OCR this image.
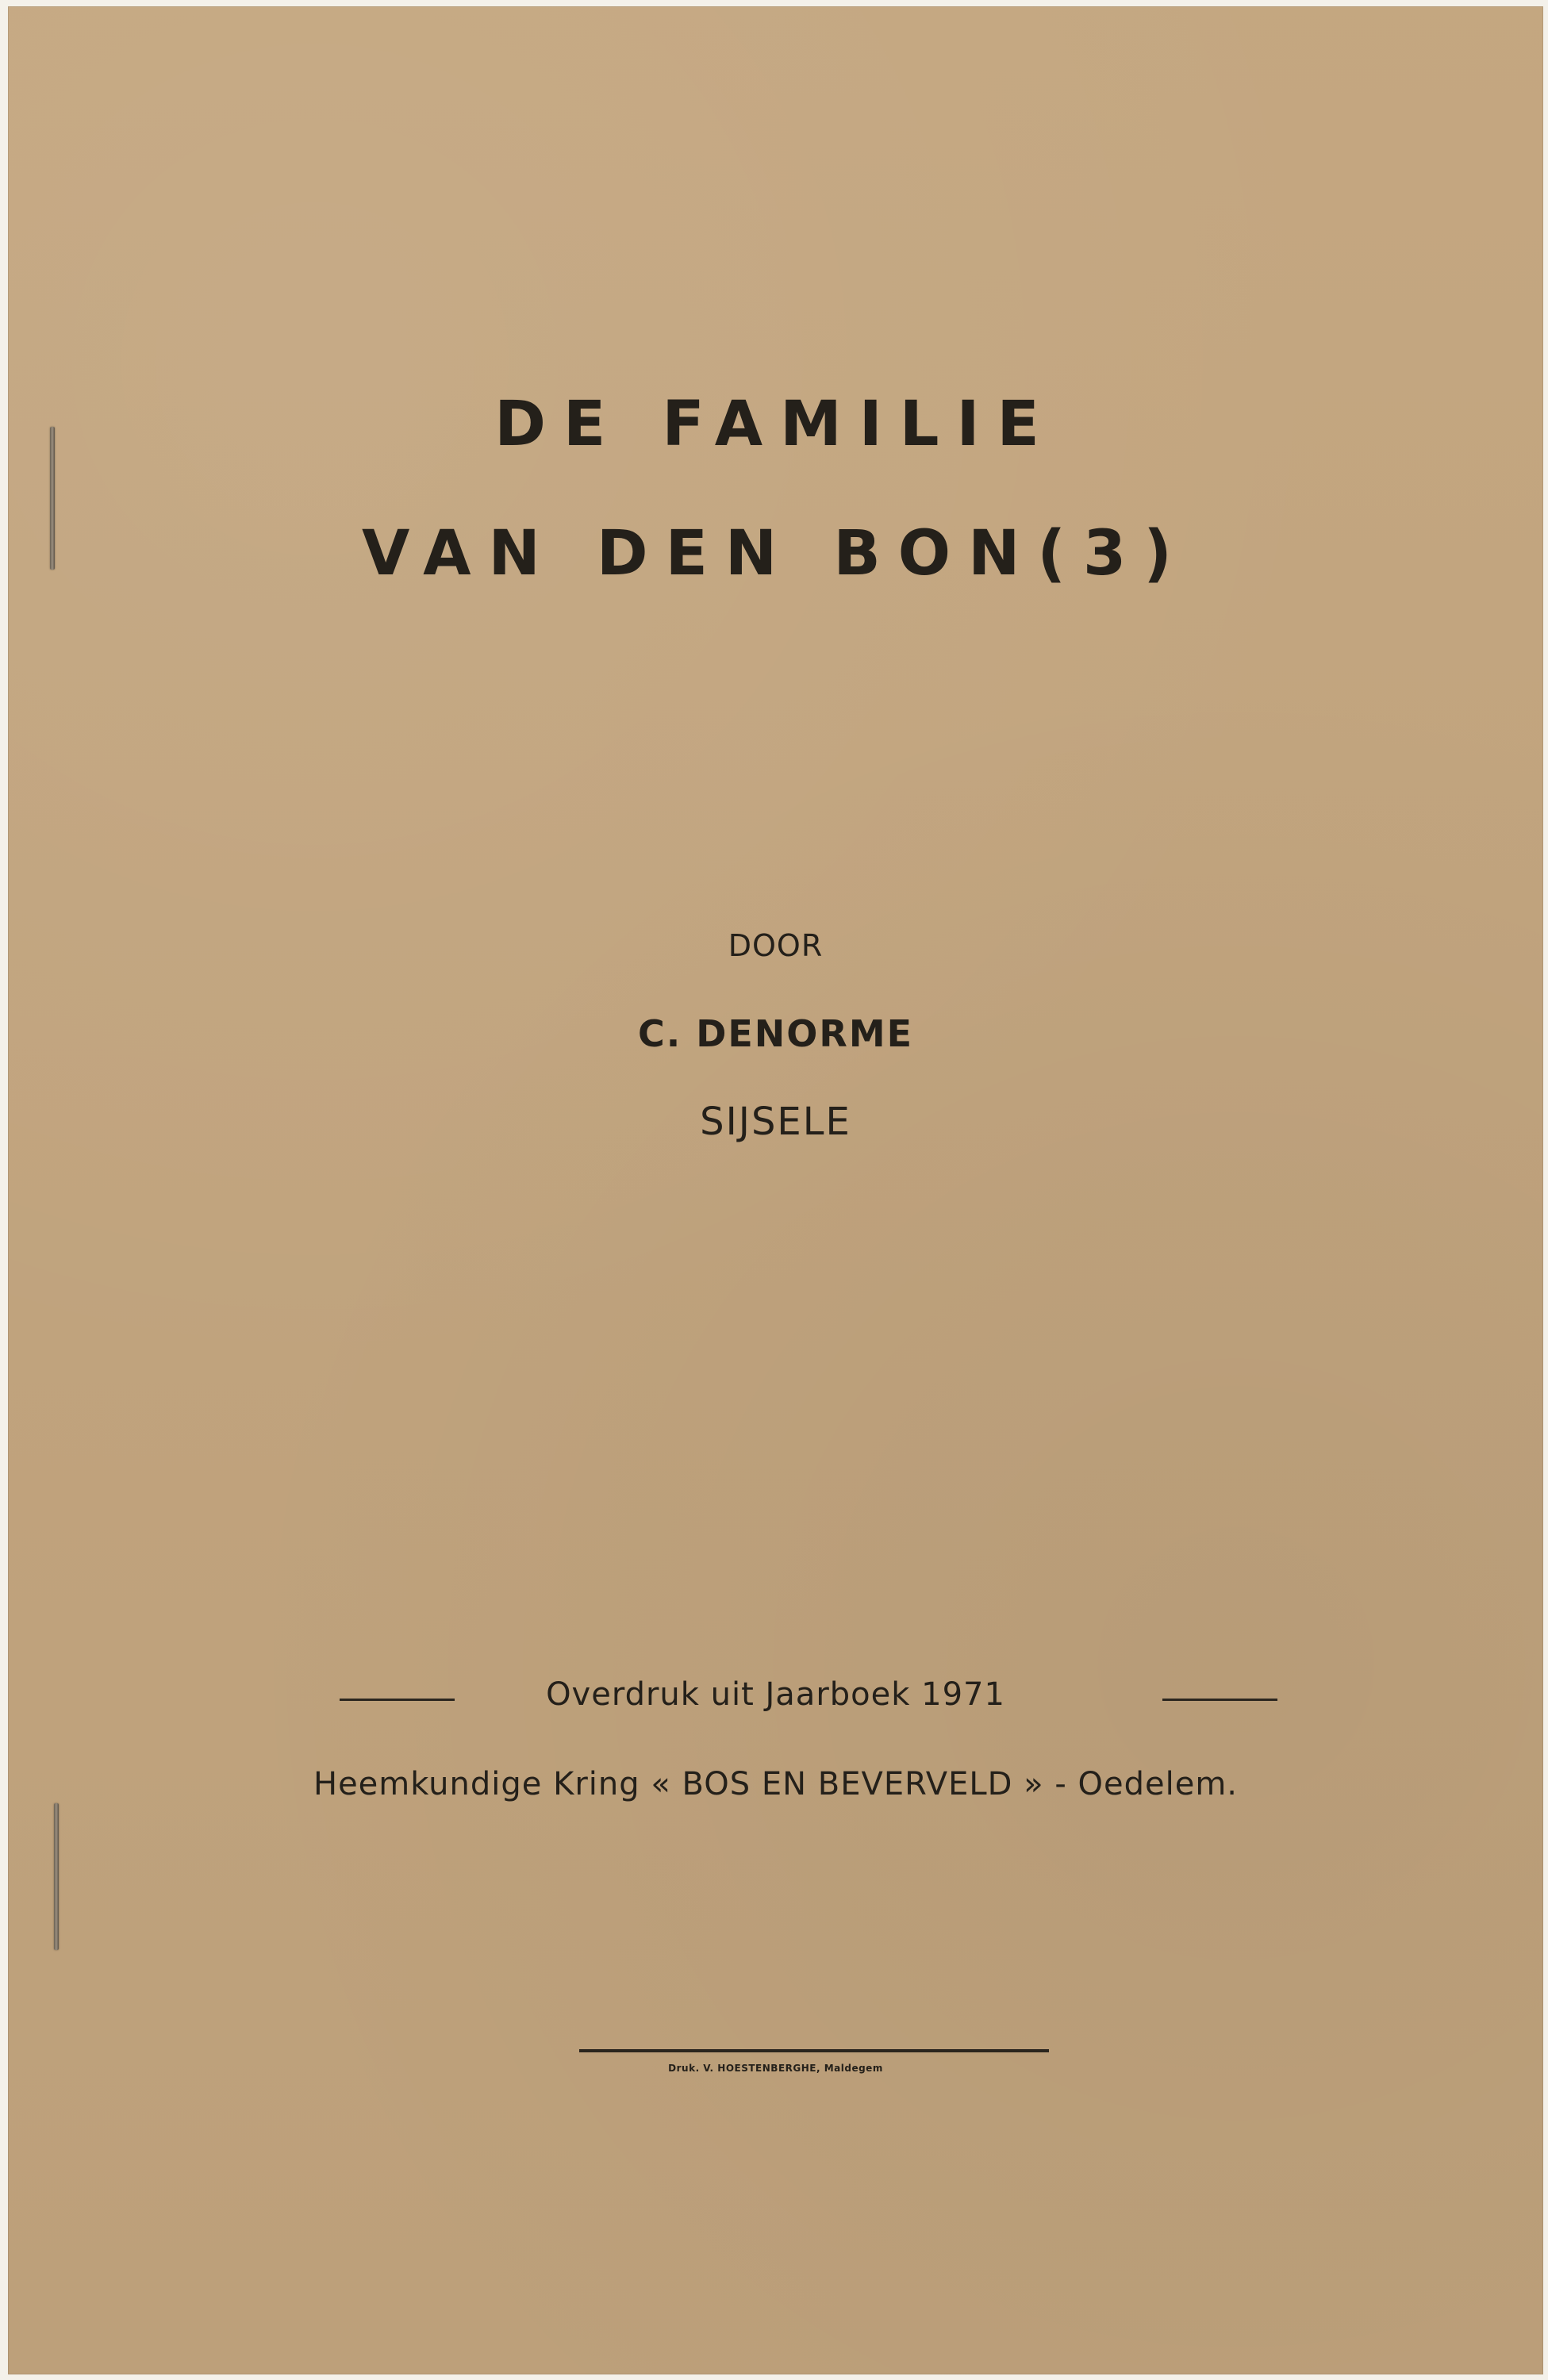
DE FAMILIE
VAN DEN BON(3)
DOOR
C. DENORME
SIJSELE
Overdruk uit Jaarboek 1971
Heemkundige Kring « BOS EN BEVERVELD » - Oedelem.
Druk. V. HOESTENBERGHE, Maldegem
